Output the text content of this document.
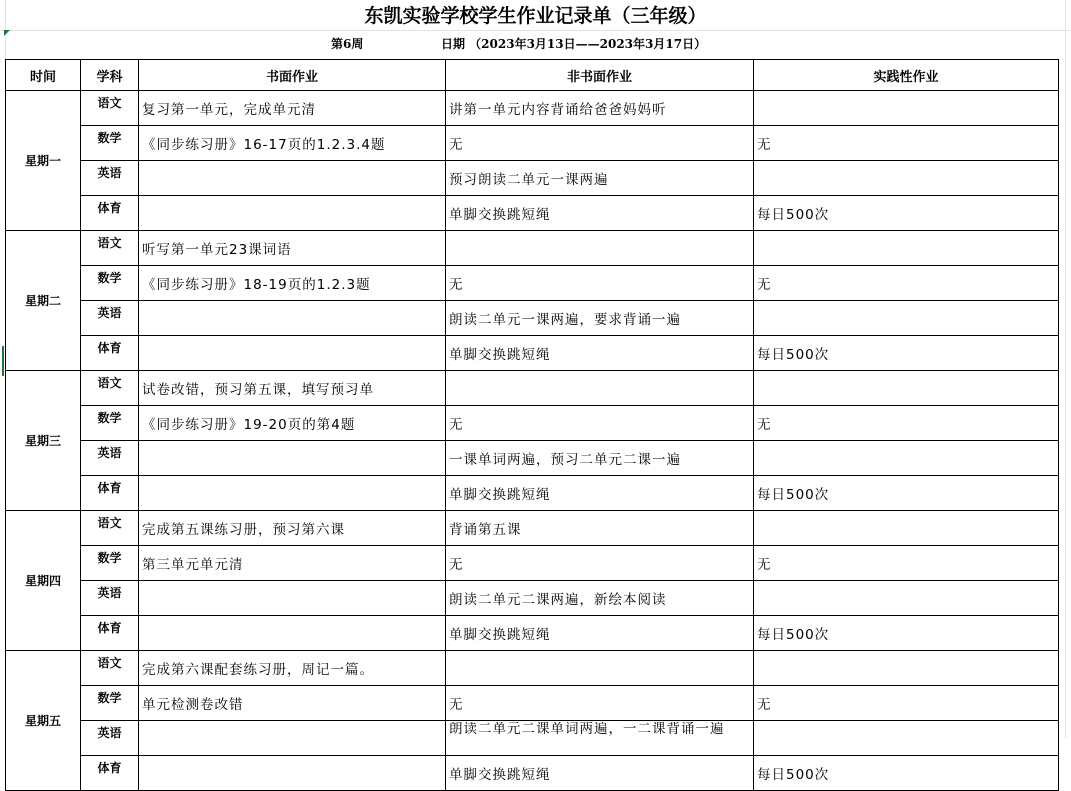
东凯实验学校学生作业记录单（三年级）
第6周	日期 （2023年3月13日——2023年3月17日）
时间	学科	书面作业	非书面作业	实践性作业
星期一	语文	复习第一单元，完成单元清	讲第一单元内容背诵给爸爸妈妈听	
	数学	《同步练习册》16-17页的1.2.3.4题	无	无
	英语		预习朗读二单元一课两遍	
	体育		单脚交换跳短绳	每日500次
星期二	语文	听写第一单元23课词语		
	数学	《同步练习册》18-19页的1.2.3题	无	无
	英语		朗读二单元一课两遍，要求背诵一遍	
	体育		单脚交换跳短绳	每日500次
星期三	语文	试卷改错，预习第五课，填写预习单		
	数学	《同步练习册》19-20页的第4题	无	无
	英语		一课单词两遍，预习二单元二课一遍	
	体育		单脚交换跳短绳	每日500次
星期四	语文	完成第五课练习册，预习第六课	背诵第五课	
	数学	第三单元单元清	无	无
	英语		朗读二单元二课两遍，新绘本阅读	
	体育		单脚交换跳短绳	每日500次
星期五	语文	完成第六课配套练习册，周记一篇。		
	数学	单元检测卷改错	无	无
	英语		朗读二单元二课单词两遍，一二课背诵一遍	

	体育		单脚交换跳短绳	每日500次
